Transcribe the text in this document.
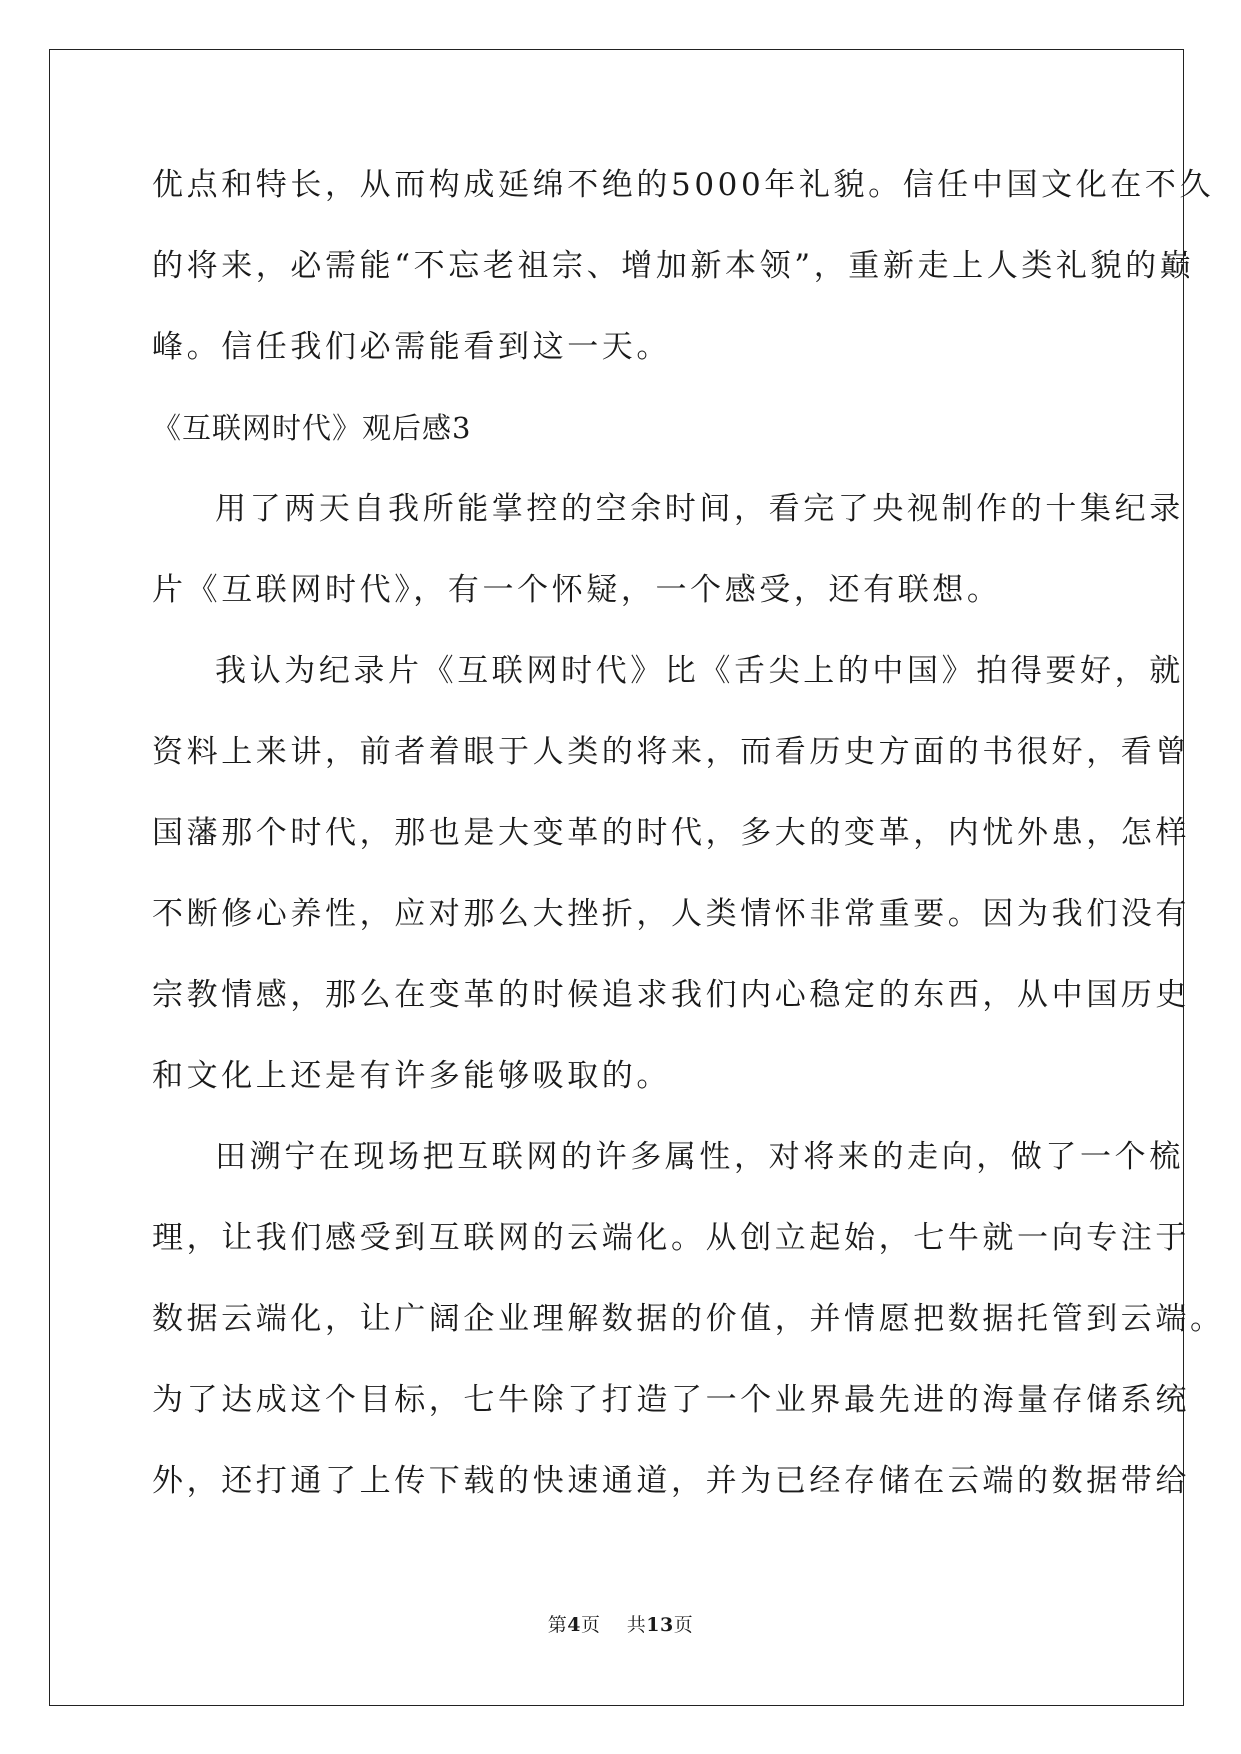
优点和特长，从而构成延绵不绝的5000年礼貌。信任中国文化在不久
的将来，必需能“不忘老祖宗、增加新本领”，重新走上人类礼貌的巅
峰。信任我们必需能看到这一天。
《互联网时代》观后感3
用了两天自我所能掌控的空余时间，看完了央视制作的十集纪录
片《互联网时代》，有一个怀疑，一个感受，还有联想。
我认为纪录片《互联网时代》比《舌尖上的中国》拍得要好，就
资料上来讲，前者着眼于人类的将来，而看历史方面的书很好，看曾
国藩那个时代，那也是大变革的时代，多大的变革，内忧外患，怎样
不断修心养性，应对那么大挫折，人类情怀非常重要。因为我们没有
宗教情感，那么在变革的时候追求我们内心稳定的东西，从中国历史
和文化上还是有许多能够吸取的。
田溯宁在现场把互联网的许多属性，对将来的走向，做了一个梳
理，让我们感受到互联网的云端化。从创立起始，七牛就一向专注于
数据云端化，让广阔企业理解数据的价值，并情愿把数据托管到云端。
为了达成这个目标，七牛除了打造了一个业界最先进的海量存储系统
外，还打通了上传下载的快速通道，并为已经存储在云端的数据带给
第4页 共13页
